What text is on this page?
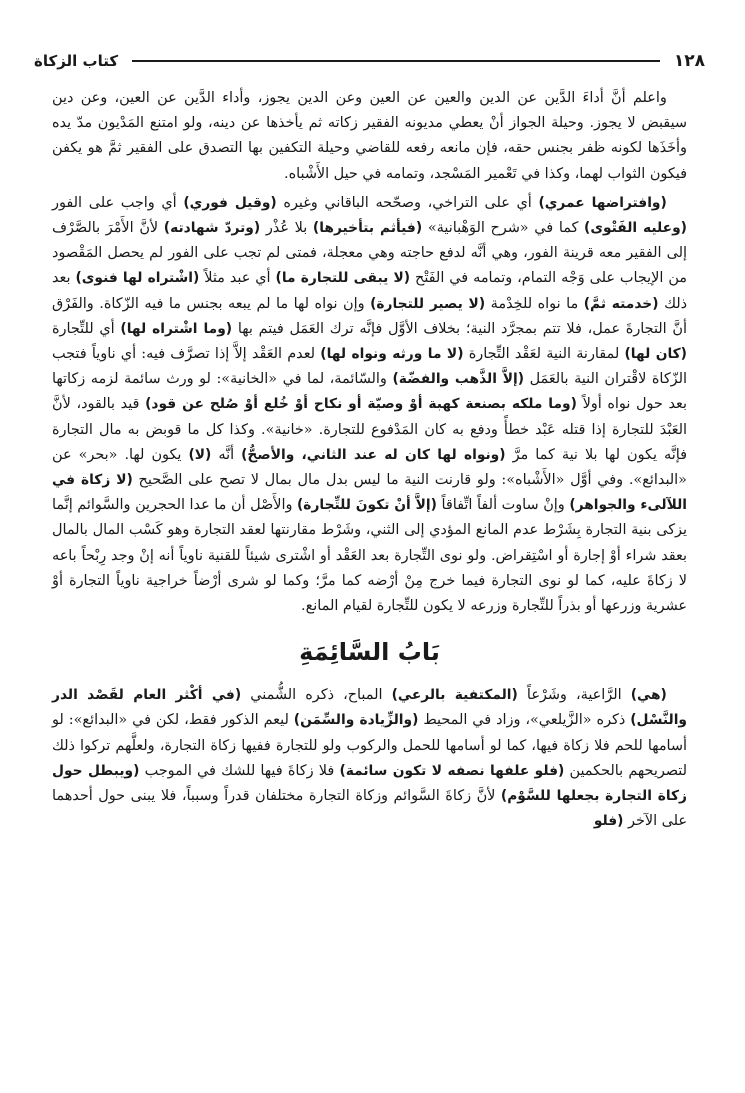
١٢٨
كتاب الزكاة

واعلم أنَّ أداءَ الدَّين عن الدين والعين عن العين وعن الدين يجوز، وأداء الدَّين عن العين، وعن دين سيقبض لا يجوز. وحيلة الجواز أنْ يعطي مديونه الفقير زكاته ثم يأخذها عن دينه، ولو امتنع المَدْيون مدّ يده وأخَذَها لكونه ظفر بجنس حقه، فإن مانعه رفعه للقاضي وحيلة التكفين بها التصدق على الفقير ثمَّ هو يكفن فيكون الثواب لهما، وكذا في تَعْمير المَسْجد، وتمامه في حيل الأَشْباه.

(وافتراضها عمري) أي على التراخي، وصحّحه الباقاني وغيره (وقيل فوري) أي واجب على الفور (وعليه الفَتْوى) كما في «شرح الوَهْبانية» (فيأثم بتأخيرها) بلا عُذْر (وتردّ شهادته) لأنَّ الأَمْرَ بالصَّرْف إلى الفقير معه قرينة الفور، وهي أنَّه لدفع حاجته وهي معجلة، فمتى لم تجب على الفور لم يحصل المَقْصود من الإيجاب على وَجْه التمام، وتمامه في الفَتْح (لا يبقى للتجارة ما) أي عبد مثلاً (اشْتراه لها فنوى) بعد ذلك (خدمته ثمَّ) ما نواه للخِدْمة (لا يصير للتجارة) وإن نواه لها ما لم يبعه بجنس ما فيه الزّكاة. والفَرْق أنَّ التجارةَ عمل، فلا تتم بمجرَّد النية؛ بخلاف الأوَّل فإنَّه ترك العَمَل فيتم بها (وما اشْتراه لها) أي للتِّجارة (كان لها) لمقارنة النية لعَقْد التِّجارة (لا ما ورثه ونواه لها) لعدم العَقْد إلاَّ إذا تصرَّف فيه: أي ناوياً فتجب الزّكاة لاقْتران النية بالعَمَل (إلاَّ الذَّهب والفضّة) والسّائمة، لما في «الخانية»: لو ورث سائمة لزمه زكاتها بعد حول نواه أولاً (وما ملكه بصنعة كهبة أوْ وصيّة أو نكاح أوْ خُلع أوْ صُلح عن قود) قيد بالقود، لأنَّ العَبْدَ للتجارة إذا قتله عَبْد خطأً ودفع به كان المَدْفوع للتجارة. «خانية». وكذا كل ما قوبض به مال التجارة فإنَّه يكون لها بلا نية كما مرَّ (ونواه لها كان له عند الثاني، والأصحُّ) أنَّه (لا) يكون لها. «بحر» عن «البدائع». وفي أوَّل «الأَشْباه»: ولو قارنت النية ما ليس بدل مال بمال لا تصح على الصَّحيح (لا زكاة في اللآلىء والجواهر) وإنْ ساوت ألفاً اتِّفاقاً (إلاَّ أنْ تكونَ للتِّجارة) والأَصْل أن ما عدا الحجرين والسَّوائم إنَّما يزكى بنية التجارة بِشَرْط عدم المانع المؤدي إلى الثني، وشَرْط مقارنتها لعقد التجارة وهو كَسْب المال بالمال بعقد شراء أوْ إجارة أو اسْتِقراض. ولو نوى التِّجارة بعد العَقْد أو اشْترى شيئاً للقنية ناوياً أنه إنْ وجد رِبْحاً باعه لا زكاةَ عليه، كما لو نوى التجارة فيما خرج مِنْ أرْضه كما مرَّ؛ وكما لو شرى أرْضاً خراجية ناوياً التجارة أوْ عشرية وزرعها أو بذراً للتِّجارة وزرعه لا يكون للتِّجارة لقيام المانع.

بَابُ السَّائِمَةِ

(هي) الرَّاعية، وشَرْعاً (المكتفية بالرعي) المباح، ذكره الشُّمني (في أكْثر العام لقَصْد الدر والنَّسْل) ذكره «الزَّيلعي»، وزاد في المحيط (والزِّيادة والسِّمَن) ليعم الذكور فقط، لكن في «البدائع»: لو أسامها للحم فلا زكاة فيها، كما لو أسامها للحمل والركوب ولو للتجارة ففيها زكاة التجارة، ولعلَّهم تركوا ذلك لتصريحهم بالحكمين (فلو علفها نصفه لا تكون سائمة) فلا زكاةَ فيها للشك في الموجب (ويبطل حول زكاة التجارة بجعلها للسَّوْم) لأنَّ زكاةَ السَّوائم وزكاة التجارة مختلفان قدراً وسبباً، فلا يبنى حول أحدهما على الآخر (فلو
